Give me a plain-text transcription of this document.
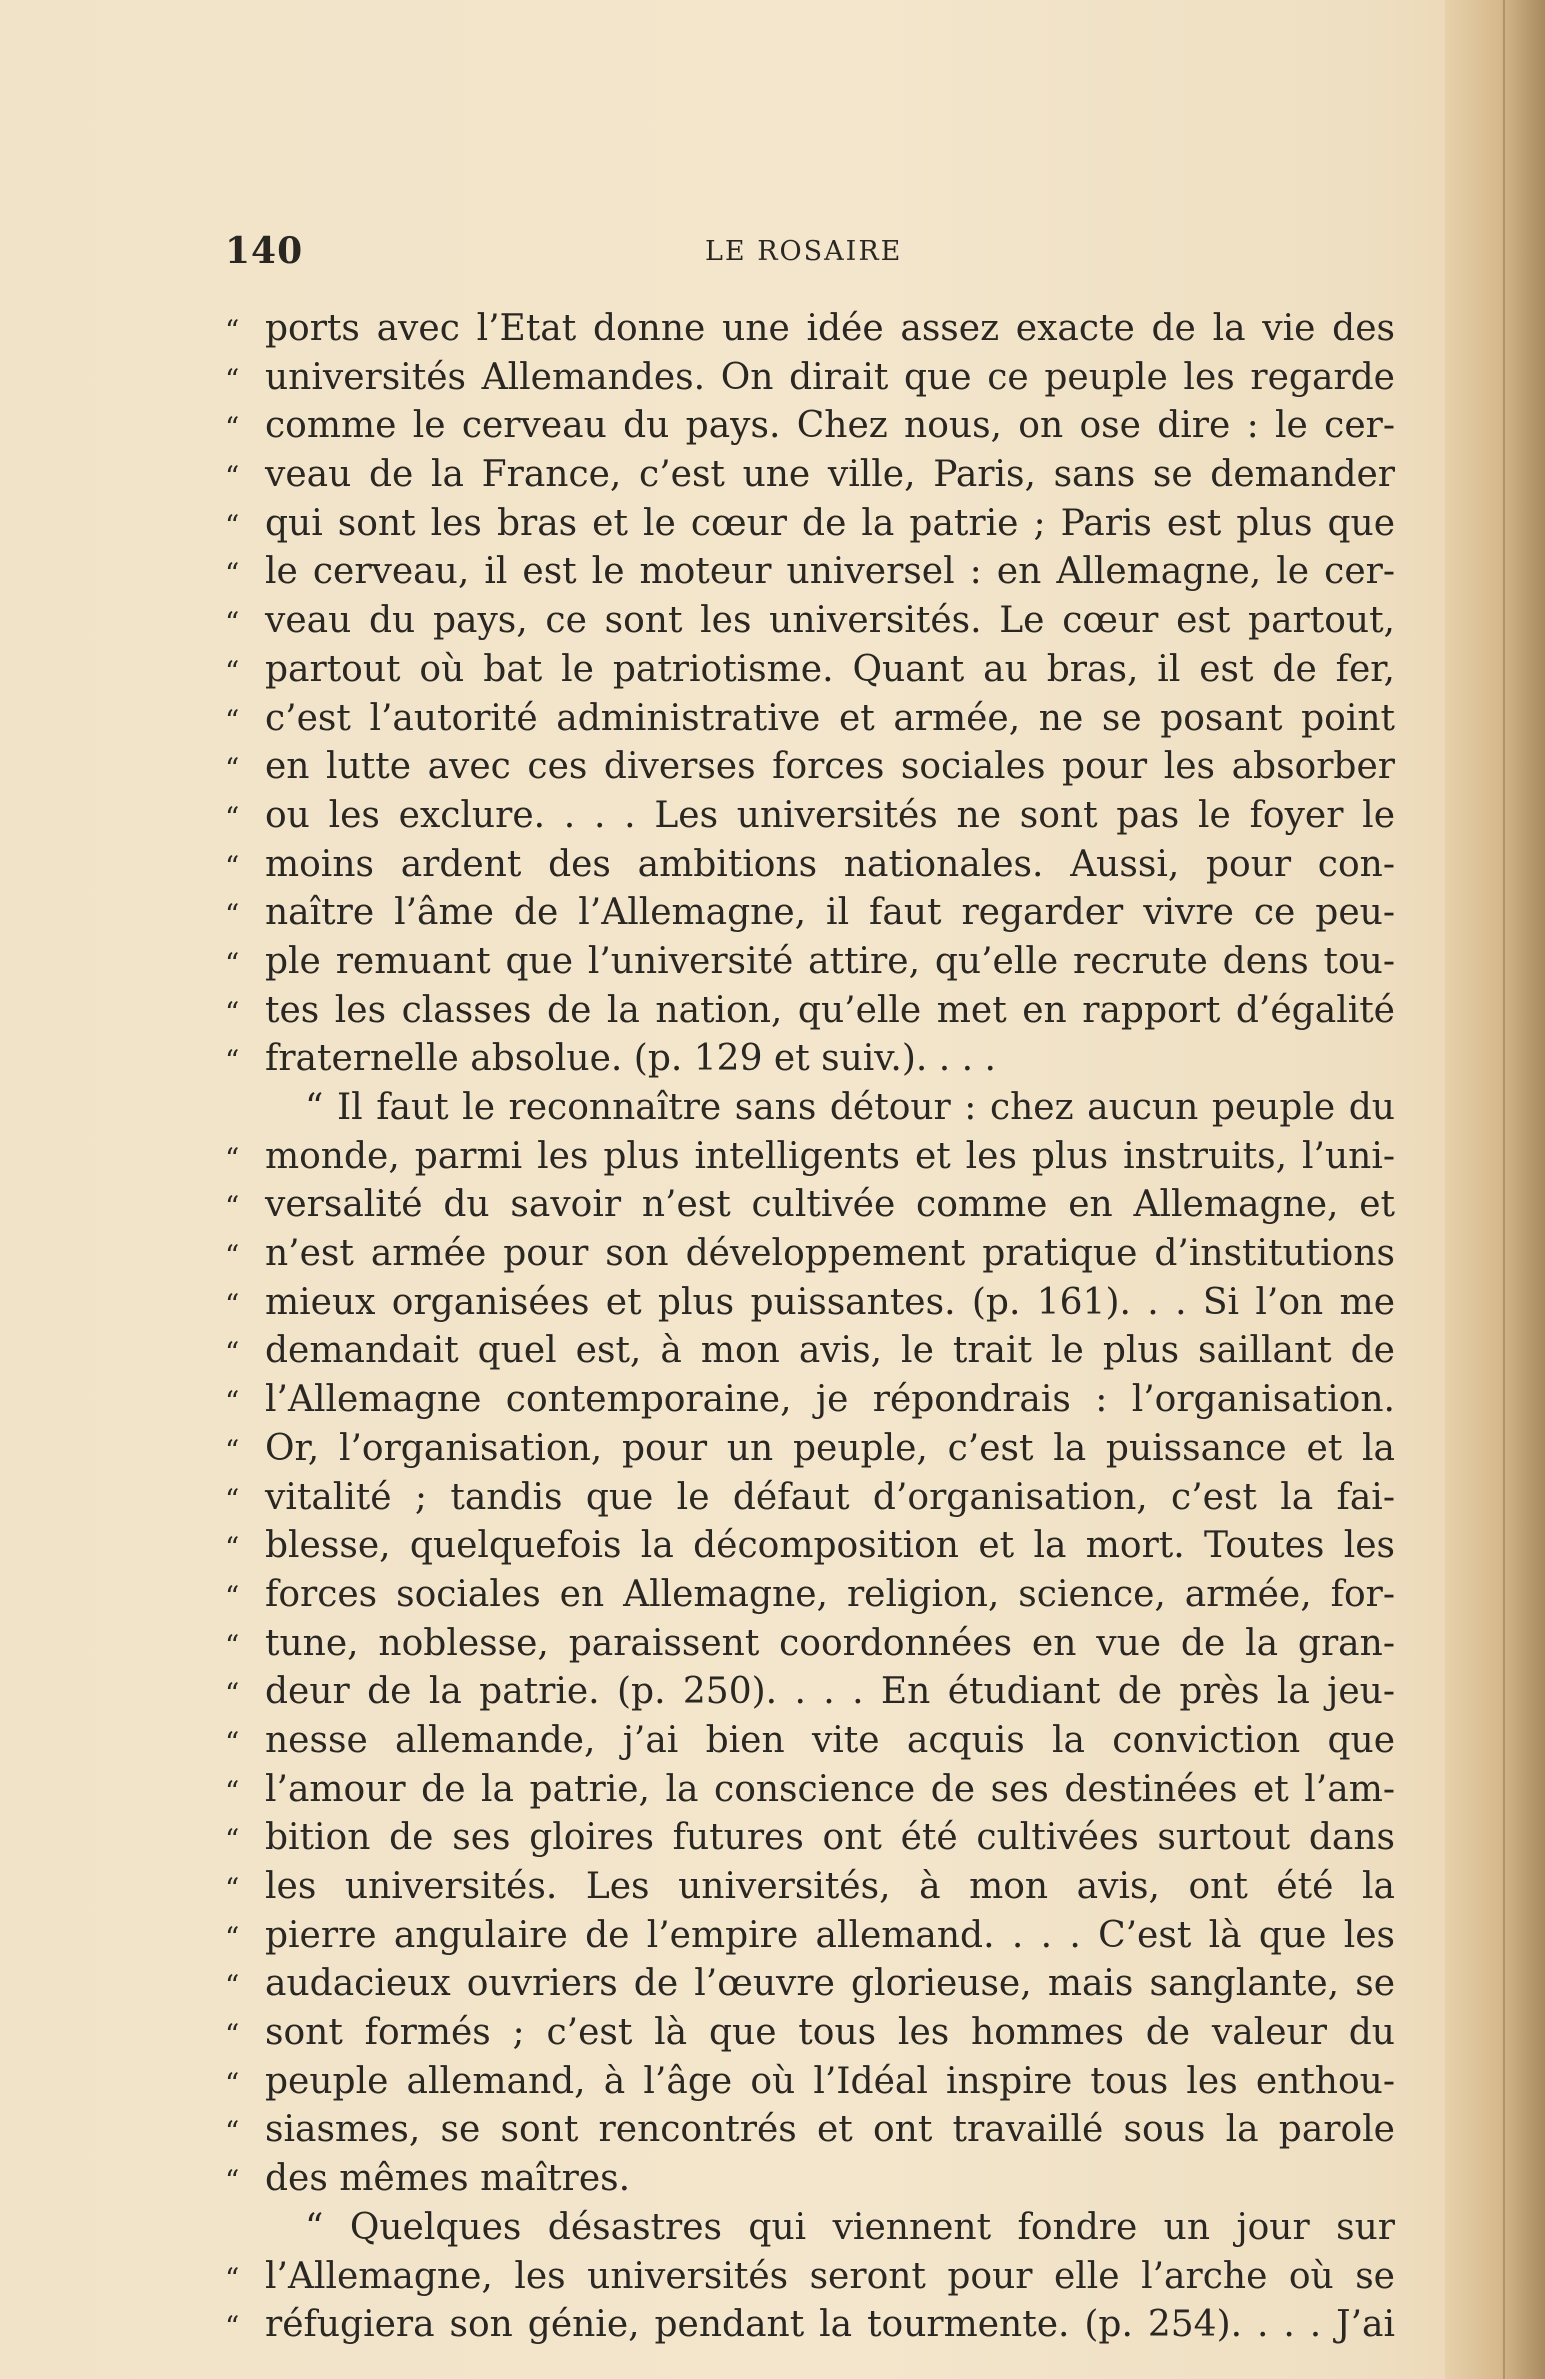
140	LE ROSAIRE
“ ports avec l’Etat donne une idée assez exacte de la vie des
“ universités Allemandes. On dirait que ce peuple les regarde
“ comme le cerveau du pays. Chez nous, on ose dire : le cer-
“ veau de la France, c’est une ville, Paris, sans se demander
“ qui sont les bras et le cœur de la patrie ; Paris est plus que
“ le cerveau, il est le moteur universel : en Allemagne, le cer-
“ veau du pays, ce sont les universités. Le cœur est partout,
“ partout où bat le patriotisme. Quant au bras, il est de fer,
“ c’est l’autorité administrative et armée, ne se posant point
“ en lutte avec ces diverses forces sociales pour les absorber
“ ou les exclure. . . . Les universités ne sont pas le foyer le
“ moins ardent des ambitions nationales. Aussi, pour con-
“ naître l’âme de l’Allemagne, il faut regarder vivre ce peu-
“ ple remuant que l’université attire, qu’elle recrute dens tou-
“ tes les classes de la nation, qu’elle met en rapport d’égalité
“ fraternelle absolue. (p. 129 et suiv.). . . .
“ Il faut le reconnaître sans détour : chez aucun peuple du
“ monde, parmi les plus intelligents et les plus instruits, l’uni-
“ versalité du savoir n’est cultivée comme en Allemagne, et
“ n’est armée pour son développement pratique d’institutions
“ mieux organisées et plus puissantes. (p. 161). . . Si l’on me
“ demandait quel est, à mon avis, le trait le plus saillant de
“ l’Allemagne contemporaine, je répondrais : l’organisation.
“ Or, l’organisation, pour un peuple, c’est la puissance et la
“ vitalité ; tandis que le défaut d’organisation, c’est la fai-
“ blesse, quelquefois la décomposition et la mort. Toutes les
“ forces sociales en Allemagne, religion, science, armée, for-
“ tune, noblesse, paraissent coordonnées en vue de la gran-
“ deur de la patrie. (p. 250). . . . En étudiant de près la jeu-
“ nesse allemande, j’ai bien vite acquis la conviction que
“ l’amour de la patrie, la conscience de ses destinées et l’am-
“ bition de ses gloires futures ont été cultivées surtout dans
“ les universités. Les universités, à mon avis, ont été la
“ pierre angulaire de l’empire allemand. . . . C’est là que les
“ audacieux ouvriers de l’œuvre glorieuse, mais sanglante, se
“ sont formés ; c’est là que tous les hommes de valeur du
“ peuple allemand, à l’âge où l’Idéal inspire tous les enthou-
“ siasmes, se sont rencontrés et ont travaillé sous la parole
“ des mêmes maîtres.
“ Quelques désastres qui viennent fondre un jour sur
“ l’Allemagne, les universités seront pour elle l’arche où se
“ réfugiera son génie, pendant la tourmente. (p. 254). . . . J’ai
